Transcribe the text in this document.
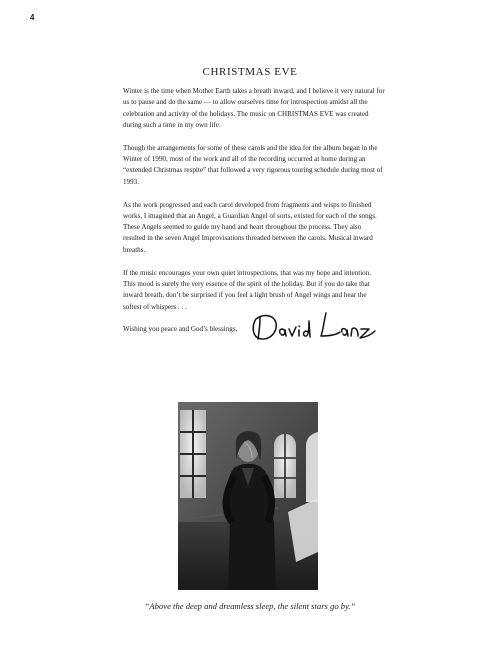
4
CHRISTMAS EVE

Winter is the time when Mother Earth takes a breath inward, and I believe it very natural for us to pause and do the same — to allow ourselves time for introspection amidst all the celebration and activity of the holidays. The music on CHRISTMAS EVE was created during such a time in my own life.

Though the arrangements for some of these carols and the idea for the album began in the Winter of 1990, most of the work and all of the recording occurred at home during an “extended Christmas respite” that followed a very rigorous touring schedule during most of 1993.

As the work progressed and each carol developed from fragments and wisps to finished works, I imagined that an Angel, a Guardian Angel of sorts, existed for each of the songs. These Angels seemed to guide my hand and heart throughout the process. They also resulted in the seven Angel Improvisations threaded between the carols. Musical inward breaths.

If the music encourages your own quiet introspections, that was my hope and intention. This mood is surely the very essence of the spirit of the holiday. But if you do take that inward breath, don’t be surprised if you feel a light brush of Angel wings and hear the softest of whispers . . .

Wishing you peace and God’s blessings,

“Above the deep and dreamless sleep, the silent stars go by.”
